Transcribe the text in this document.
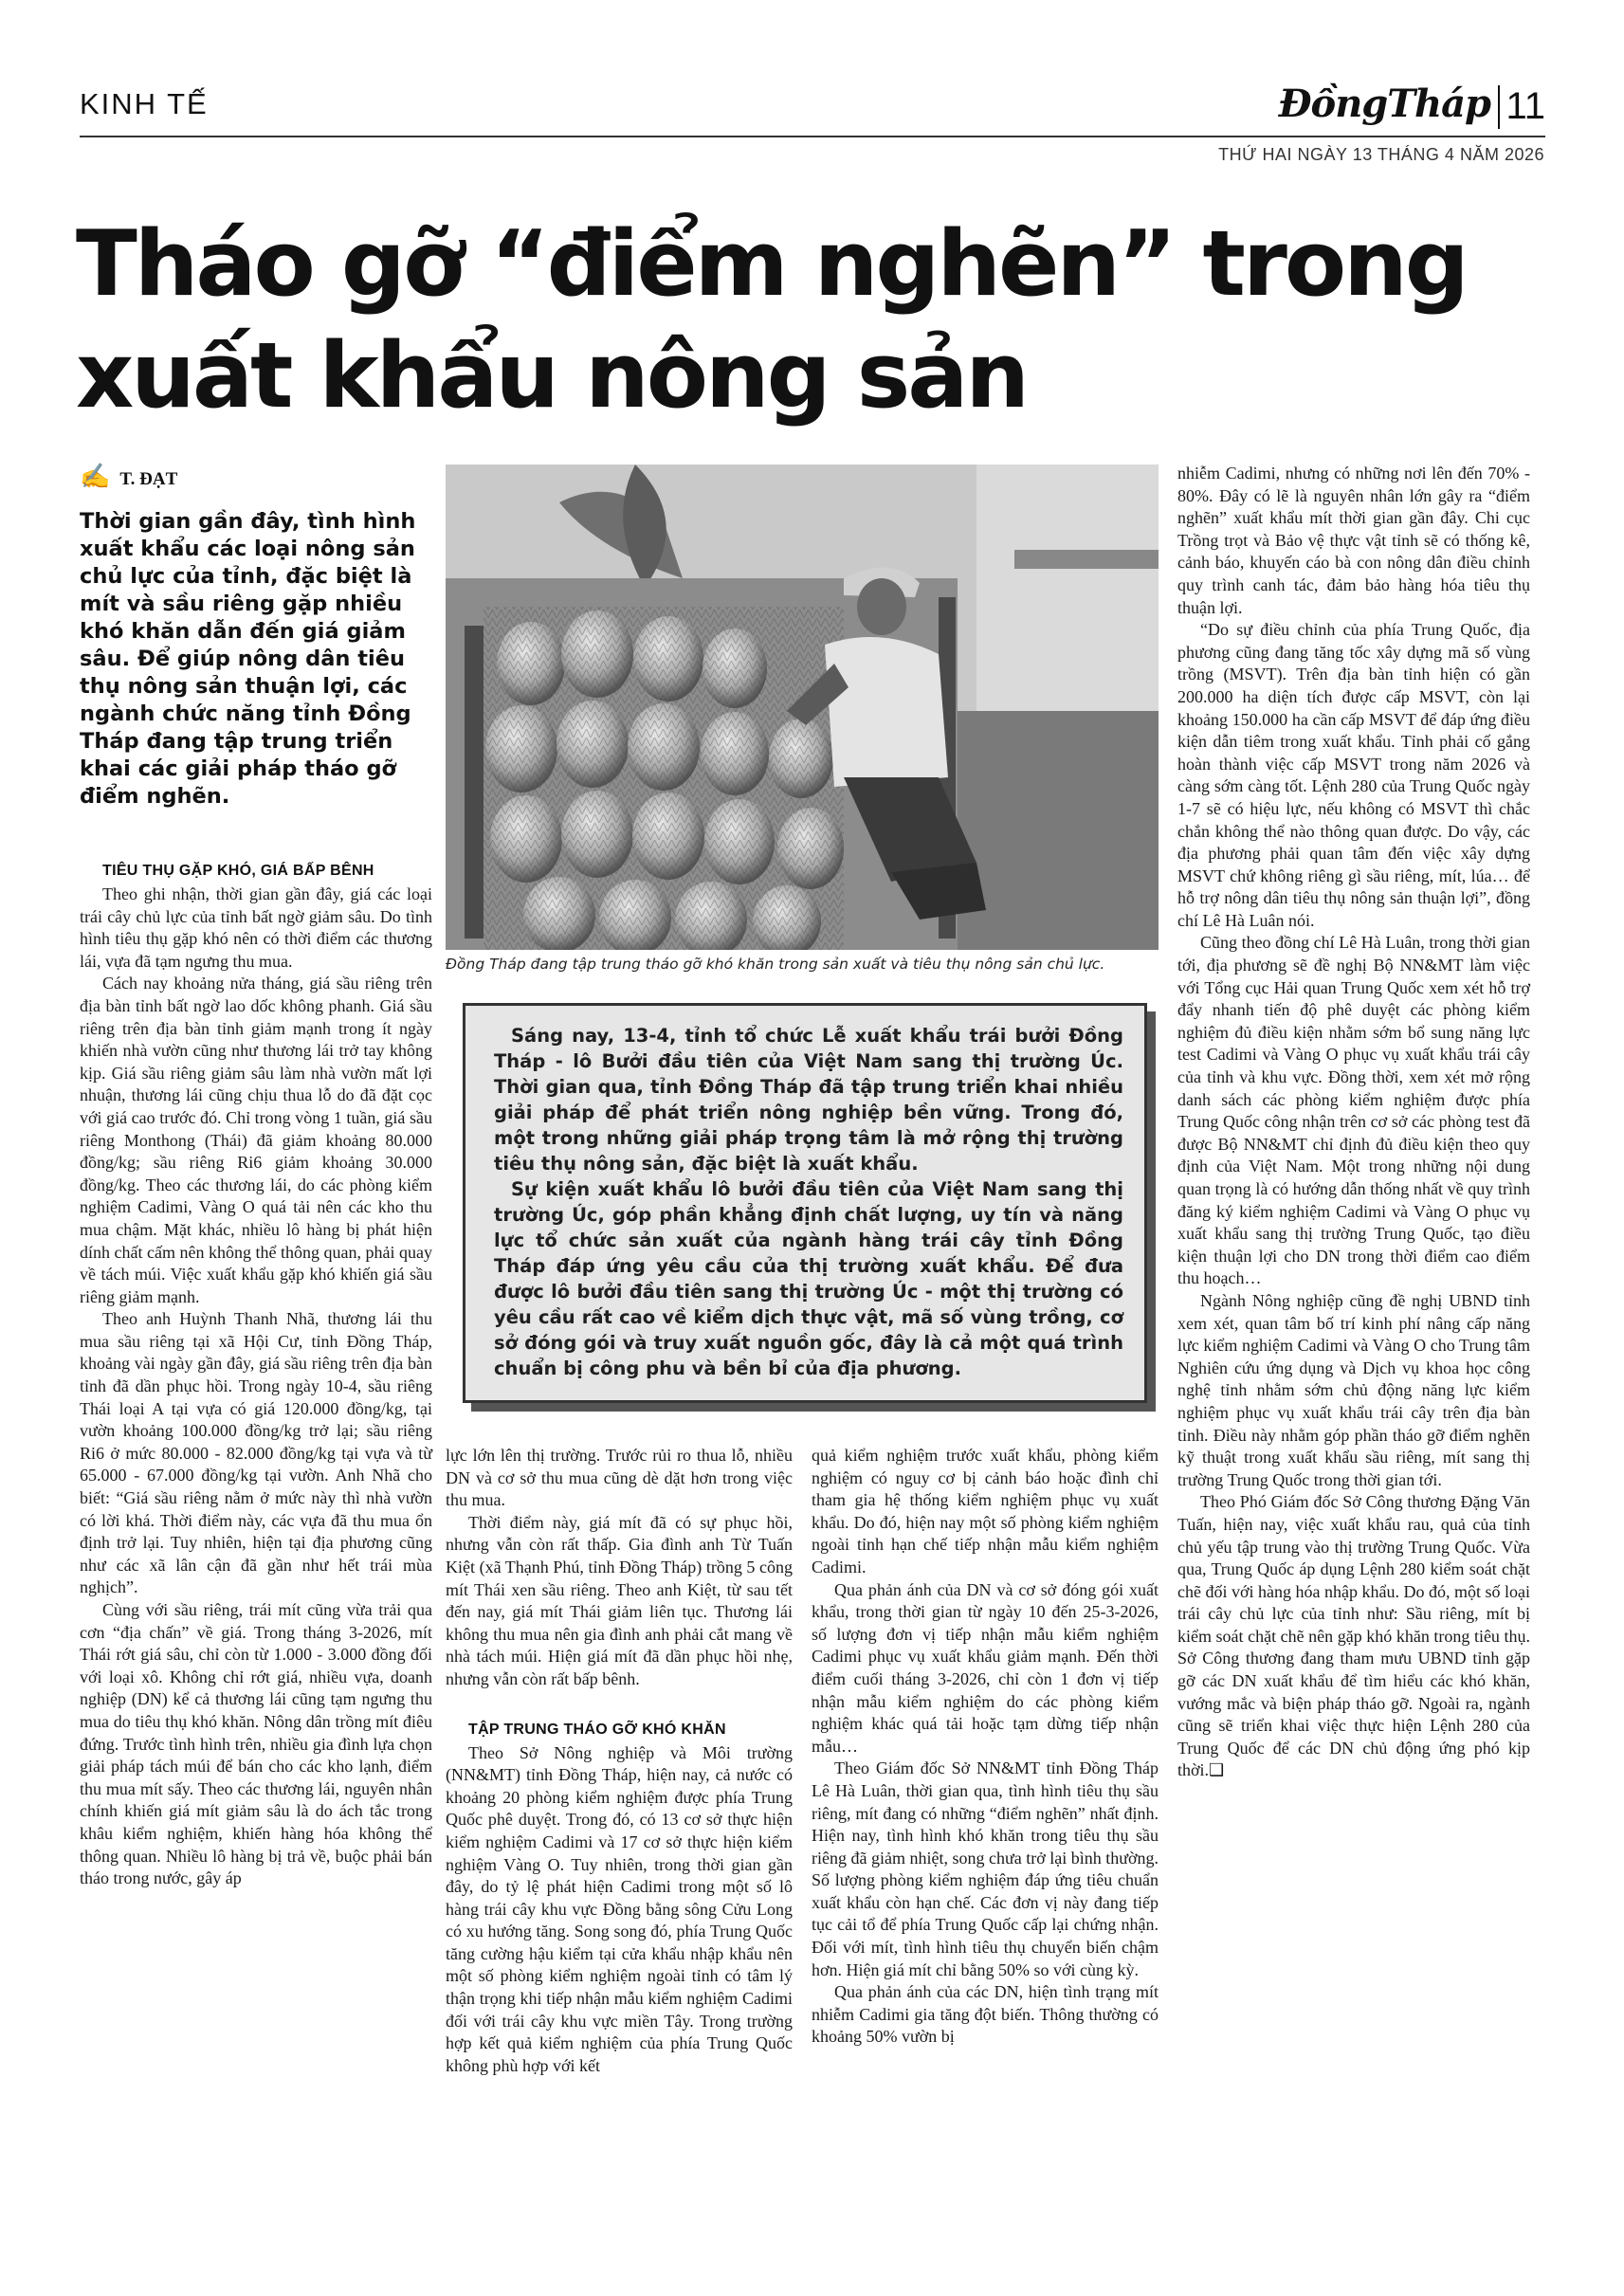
KINH TẾ	ĐồngTháp 11
THỨ HAI NGÀY 13 THÁNG 4 NĂM 2026
Tháo gỡ “điểm nghẽn” trong
xuất khẩu nông sản
✍ T. ĐẠT
Thời gian gần đây, tình hình xuất khẩu các loại nông sản chủ lực của tỉnh, đặc biệt là mít và sầu riêng gặp nhiều khó khăn dẫn đến giá giảm sâu. Để giúp nông dân tiêu thụ nông sản thuận lợi, các ngành chức năng tỉnh Đồng Tháp đang tập trung triển khai các giải pháp tháo gỡ điểm nghẽn.
TIÊU THỤ GẶP KHÓ, GIÁ BẤP BÊNH

Theo ghi nhận, thời gian gần đây, giá các loại trái cây chủ lực của tỉnh bất ngờ giảm sâu. Do tình hình tiêu thụ gặp khó nên có thời điểm các thương lái, vựa đã tạm ngưng thu mua.

Cách nay khoảng nửa tháng, giá sầu riêng trên địa bàn tỉnh bất ngờ lao dốc không phanh. Giá sầu riêng trên địa bàn tỉnh giảm mạnh trong ít ngày khiến nhà vườn cũng như thương lái trở tay không kịp. Giá sầu riêng giảm sâu làm nhà vườn mất lợi nhuận, thương lái cũng chịu thua lỗ do đã đặt cọc với giá cao trước đó. Chỉ trong vòng 1 tuần, giá sầu riêng Monthong (Thái) đã giảm khoảng 80.000 đồng/kg; sầu riêng Ri6 giảm khoảng 30.000 đồng/kg. Theo các thương lái, do các phòng kiểm nghiệm Cadimi, Vàng O quá tải nên các kho thu mua chậm. Mặt khác, nhiều lô hàng bị phát hiện dính chất cấm nên không thể thông quan, phải quay về tách múi. Việc xuất khẩu gặp khó khiến giá sầu riêng giảm mạnh.

Theo anh Huỳnh Thanh Nhã, thương lái thu mua sầu riêng tại xã Hội Cư, tỉnh Đồng Tháp, khoảng vài ngày gần đây, giá sầu riêng trên địa bàn tỉnh đã dần phục hồi. Trong ngày 10-4, sầu riêng Thái loại A tại vựa có giá 120.000 đồng/kg, tại vườn khoảng 100.000 đồng/kg trở lại; sầu riêng Ri6 ở mức 80.000 - 82.000 đồng/kg tại vựa và từ 65.000 - 67.000 đồng/kg tại vườn. Anh Nhã cho biết: “Giá sầu riêng nằm ở mức này thì nhà vườn có lời khá. Thời điểm này, các vựa đã thu mua ổn định trở lại. Tuy nhiên, hiện tại địa phương cũng như các xã lân cận đã gần như hết trái mùa nghịch”.

Cùng với sầu riêng, trái mít cũng vừa trải qua cơn “địa chấn” về giá. Trong tháng 3-2026, mít Thái rớt giá sâu, chỉ còn từ 1.000 - 3.000 đồng đối với loại xô. Không chỉ rớt giá, nhiều vựa, doanh nghiệp (DN) kể cả thương lái cũng tạm ngưng thu mua do tiêu thụ khó khăn. Nông dân trồng mít điêu đứng. Trước tình hình trên, nhiều gia đình lựa chọn giải pháp tách múi để bán cho các kho lạnh, điểm thu mua mít sấy. Theo các thương lái, nguyên nhân chính khiến giá mít giảm sâu là do ách tắc trong khâu kiểm nghiệm, khiến hàng hóa không thể thông quan. Nhiều lô hàng bị trả về, buộc phải bán tháo trong nước, gây áp

Đồng Tháp đang tập trung tháo gỡ khó khăn trong sản xuất và tiêu thụ nông sản chủ lực.

Sáng nay, 13-4, tỉnh tổ chức Lễ xuất khẩu trái bưởi Đồng Tháp - lô Bưởi đầu tiên của Việt Nam sang thị trường Úc. Thời gian qua, tỉnh Đồng Tháp đã tập trung triển khai nhiều giải pháp để phát triển nông nghiệp bền vững. Trong đó, một trong những giải pháp trọng tâm là mở rộng thị trường tiêu thụ nông sản, đặc biệt là xuất khẩu.

Sự kiện xuất khẩu lô bưởi đầu tiên của Việt Nam sang thị trường Úc, góp phần khẳng định chất lượng, uy tín và năng lực tổ chức sản xuất của ngành hàng trái cây tỉnh Đồng Tháp đáp ứng yêu cầu của thị trường xuất khẩu. Để đưa được lô bưởi đầu tiên sang thị trường Úc - một thị trường có yêu cầu rất cao về kiểm dịch thực vật, mã số vùng trồng, cơ sở đóng gói và truy xuất nguồn gốc, đây là cả một quá trình chuẩn bị công phu và bền bỉ của địa phương.

lực lớn lên thị trường. Trước rủi ro thua lỗ, nhiều DN và cơ sở thu mua cũng dè dặt hơn trong việc thu mua.

Thời điểm này, giá mít đã có sự phục hồi, nhưng vẫn còn rất thấp. Gia đình anh Từ Tuấn Kiệt (xã Thạnh Phú, tỉnh Đồng Tháp) trồng 5 công mít Thái xen sầu riêng. Theo anh Kiệt, từ sau tết đến nay, giá mít Thái giảm liên tục. Thương lái không thu mua nên gia đình anh phải cắt mang về nhà tách múi. Hiện giá mít đã dần phục hồi nhẹ, nhưng vẫn còn rất bấp bênh.

TẬP TRUNG THÁO GỠ KHÓ KHĂN

Theo Sở Nông nghiệp và Môi trường (NN&MT) tỉnh Đồng Tháp, hiện nay, cả nước có khoảng 20 phòng kiểm nghiệm được phía Trung Quốc phê duyệt. Trong đó, có 13 cơ sở thực hiện kiểm nghiệm Cadimi và 17 cơ sở thực hiện kiểm nghiệm Vàng O. Tuy nhiên, trong thời gian gần đây, do tỷ lệ phát hiện Cadimi trong một số lô hàng trái cây khu vực Đồng bằng sông Cửu Long có xu hướng tăng. Song song đó, phía Trung Quốc tăng cường hậu kiểm tại cửa khẩu nhập khẩu nên một số phòng kiểm nghiệm ngoài tỉnh có tâm lý thận trọng khi tiếp nhận mẫu kiểm nghiệm Cadimi đối với trái cây khu vực miền Tây. Trong trường hợp kết quả kiểm nghiệm của phía Trung Quốc không phù hợp với kết

quả kiểm nghiệm trước xuất khẩu, phòng kiểm nghiệm có nguy cơ bị cảnh báo hoặc đình chỉ tham gia hệ thống kiểm nghiệm phục vụ xuất khẩu. Do đó, hiện nay một số phòng kiểm nghiệm ngoài tỉnh hạn chế tiếp nhận mẫu kiểm nghiệm Cadimi.

Qua phản ánh của DN và cơ sở đóng gói xuất khẩu, trong thời gian từ ngày 10 đến 25-3-2026, số lượng đơn vị tiếp nhận mẫu kiểm nghiệm Cadimi phục vụ xuất khẩu giảm mạnh. Đến thời điểm cuối tháng 3-2026, chỉ còn 1 đơn vị tiếp nhận mẫu kiểm nghiệm do các phòng kiểm nghiệm khác quá tải hoặc tạm dừng tiếp nhận mẫu…

Theo Giám đốc Sở NN&MT tỉnh Đồng Tháp Lê Hà Luân, thời gian qua, tình hình tiêu thụ sầu riêng, mít đang có những “điểm nghẽn” nhất định. Hiện nay, tình hình khó khăn trong tiêu thụ sầu riêng đã giảm nhiệt, song chưa trở lại bình thường. Số lượng phòng kiểm nghiệm đáp ứng tiêu chuẩn xuất khẩu còn hạn chế. Các đơn vị này đang tiếp tục cải tổ để phía Trung Quốc cấp lại chứng nhận. Đối với mít, tình hình tiêu thụ chuyển biến chậm hơn. Hiện giá mít chỉ bằng 50% so với cùng kỳ.

Qua phản ánh của các DN, hiện tình trạng mít nhiễm Cadimi gia tăng đột biến. Thông thường có khoảng 50% vườn bị

nhiễm Cadimi, nhưng có những nơi lên đến 70% - 80%. Đây có lẽ là nguyên nhân lớn gây ra “điểm nghẽn” xuất khẩu mít thời gian gần đây. Chi cục Trồng trọt và Bảo vệ thực vật tỉnh sẽ có thống kê, cảnh báo, khuyến cáo bà con nông dân điều chỉnh quy trình canh tác, đảm bảo hàng hóa tiêu thụ thuận lợi.

“Do sự điều chỉnh của phía Trung Quốc, địa phương cũng đang tăng tốc xây dựng mã số vùng trồng (MSVT). Trên địa bàn tỉnh hiện có gần 200.000 ha diện tích được cấp MSVT, còn lại khoảng 150.000 ha cần cấp MSVT để đáp ứng điều kiện dẫn tiêm trong xuất khẩu. Tỉnh phải cố gắng hoàn thành việc cấp MSVT trong năm 2026 và càng sớm càng tốt. Lệnh 280 của Trung Quốc ngày 1-7 sẽ có hiệu lực, nếu không có MSVT thì chắc chắn không thể nào thông quan được. Do vậy, các địa phương phải quan tâm đến việc xây dựng MSVT chứ không riêng gì sầu riêng, mít, lúa… để hỗ trợ nông dân tiêu thụ nông sản thuận lợi”, đồng chí Lê Hà Luân nói.

Cũng theo đồng chí Lê Hà Luân, trong thời gian tới, địa phương sẽ đề nghị Bộ NN&MT làm việc với Tổng cục Hải quan Trung Quốc xem xét hỗ trợ đẩy nhanh tiến độ phê duyệt các phòng kiểm nghiệm đủ điều kiện nhằm sớm bổ sung năng lực test Cadimi và Vàng O phục vụ xuất khẩu trái cây của tỉnh và khu vực. Đồng thời, xem xét mở rộng danh sách các phòng kiểm nghiệm được phía Trung Quốc công nhận trên cơ sở các phòng test đã được Bộ NN&MT chỉ định đủ điều kiện theo quy định của Việt Nam. Một trong những nội dung quan trọng là có hướng dẫn thống nhất về quy trình đăng ký kiểm nghiệm Cadimi và Vàng O phục vụ xuất khẩu sang thị trường Trung Quốc, tạo điều kiện thuận lợi cho DN trong thời điểm cao điểm thu hoạch…

Ngành Nông nghiệp cũng đề nghị UBND tỉnh xem xét, quan tâm bố trí kinh phí nâng cấp năng lực kiểm nghiệm Cadimi và Vàng O cho Trung tâm Nghiên cứu ứng dụng và Dịch vụ khoa học công nghệ tỉnh nhằm sớm chủ động năng lực kiểm nghiệm phục vụ xuất khẩu trái cây trên địa bàn tỉnh. Điều này nhằm góp phần tháo gỡ điểm nghẽn kỹ thuật trong xuất khẩu sầu riêng, mít sang thị trường Trung Quốc trong thời gian tới.

Theo Phó Giám đốc Sở Công thương Đặng Văn Tuấn, hiện nay, việc xuất khẩu rau, quả của tỉnh chủ yếu tập trung vào thị trường Trung Quốc. Vừa qua, Trung Quốc áp dụng Lệnh 280 kiểm soát chặt chẽ đối với hàng hóa nhập khẩu. Do đó, một số loại trái cây chủ lực của tỉnh như: Sầu riêng, mít bị kiểm soát chặt chẽ nên gặp khó khăn trong tiêu thụ. Sở Công thương đang tham mưu UBND tỉnh gặp gỡ các DN xuất khẩu để tìm hiểu các khó khăn, vướng mắc và biện pháp tháo gỡ. Ngoài ra, ngành cũng sẽ triển khai việc thực hiện Lệnh 280 của Trung Quốc để các DN chủ động ứng phó kịp thời.❑
